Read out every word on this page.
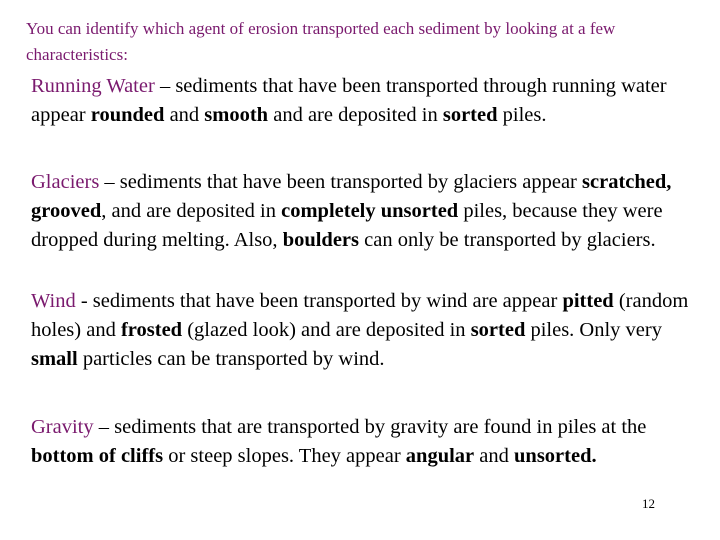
You can identify which agent of erosion transported each sediment by looking at a few characteristics:
Running Water – sediments that have been transported through running water appear rounded and smooth and are deposited in sorted piles.
Glaciers – sediments that have been transported by glaciers appear scratched, grooved, and are deposited in completely unsorted piles, because they were dropped during melting. Also, boulders can only be transported by glaciers.
Wind - sediments that have been transported by wind are appear pitted (random holes) and frosted (glazed look) and are deposited in sorted piles. Only very small particles can be transported by wind.
Gravity – sediments that are transported by gravity are found in piles at the bottom of cliffs or steep slopes. They appear angular and unsorted.
12
